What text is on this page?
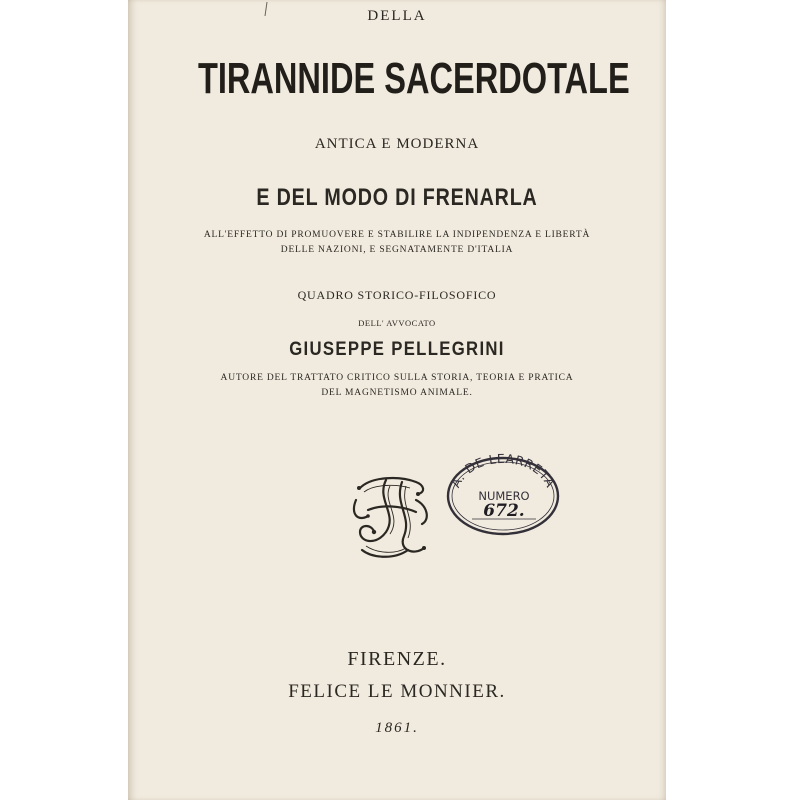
DELLA
TIRANNIDE SACERDOTALE
ANTICA E MODERNA
E DEL MODO DI FRENARLA
ALL'EFFETTO DI PROMUOVERE E STABILIRE LA INDIPENDENZA E LIBERTÀ
DELLE NAZIONI, E SEGNATAMENTE D'ITALIA
QUADRO STORICO-FILOSOFICO
DELL' AVVOCATO
GIUSEPPE PELLEGRINI
AUTORE DEL TRATTATO CRITICO SULLA STORIA, TEORIA E PRATICA
DEL MAGNETISMO ANIMALE.
A. DE LEARRETA
NUMERO
672.
FIRENZE.
FELICE LE MONNIER.
1861.
